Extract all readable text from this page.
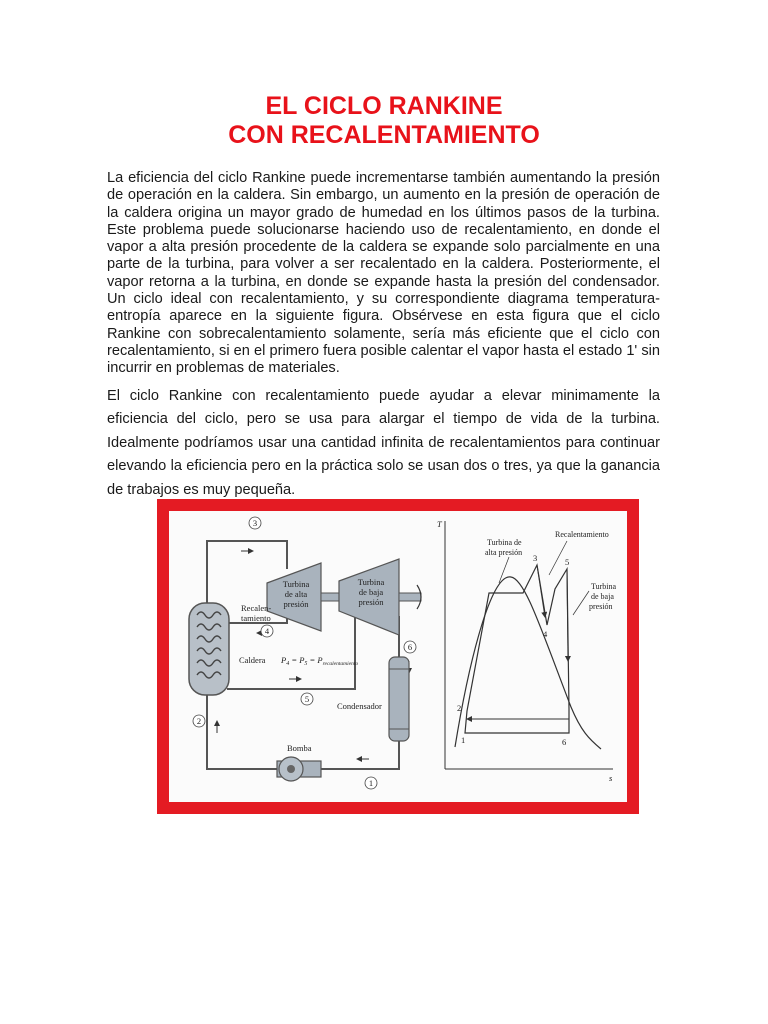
EL CICLO RANKINE
CON RECALENTAMIENTO

La eficiencia del ciclo Rankine puede incrementarse también aumentando la presión de operación en la caldera. Sin embargo, un aumento en la presión de operación de la caldera origina un mayor grado de humedad en los últimos pasos de la turbina. Este problema puede solucionarse haciendo uso de recalentamiento, en donde el vapor a alta presión procedente de la caldera se expande solo parcialmente en una parte de la turbina, para volver a ser recalentado en la caldera. Posteriormente, el vapor retorna a la turbina, en donde se expande hasta la presión del condensador. Un ciclo ideal con recalentamiento, y su correspondiente diagrama temperatura-entropía aparece en la siguiente figura. Obsérvese en esta figura que el ciclo Rankine con sobrecalentamiento solamente, sería más eficiente que el ciclo con recalentamiento, si en el primero fuera posible calentar el vapor hasta el estado 1' sin incurrir en problemas de materiales.

El ciclo Rankine con recalentamiento puede ayudar a elevar minimamente la eficiencia del ciclo, pero se usa para alargar el tiempo de vida de la turbina. Idealmente podríamos usar una cantidad infinita de recalentamientos para continuar elevando la eficiencia pero en la práctica solo se usan dos o tres, ya que la ganancia de trabajos es muy pequeña.

Turbina
de alta
presión
Turbina
de baja
presión
3
4
5
6
1
2
Recalen-
tamiento
Caldera $P_4 = P_5 = P_{recalentamiento}$
Condensador
Bomba
T
s
1
2
3
4
5
6
Turbina de
alta presión
Recalentamiento
Turbina
de baja
presión
